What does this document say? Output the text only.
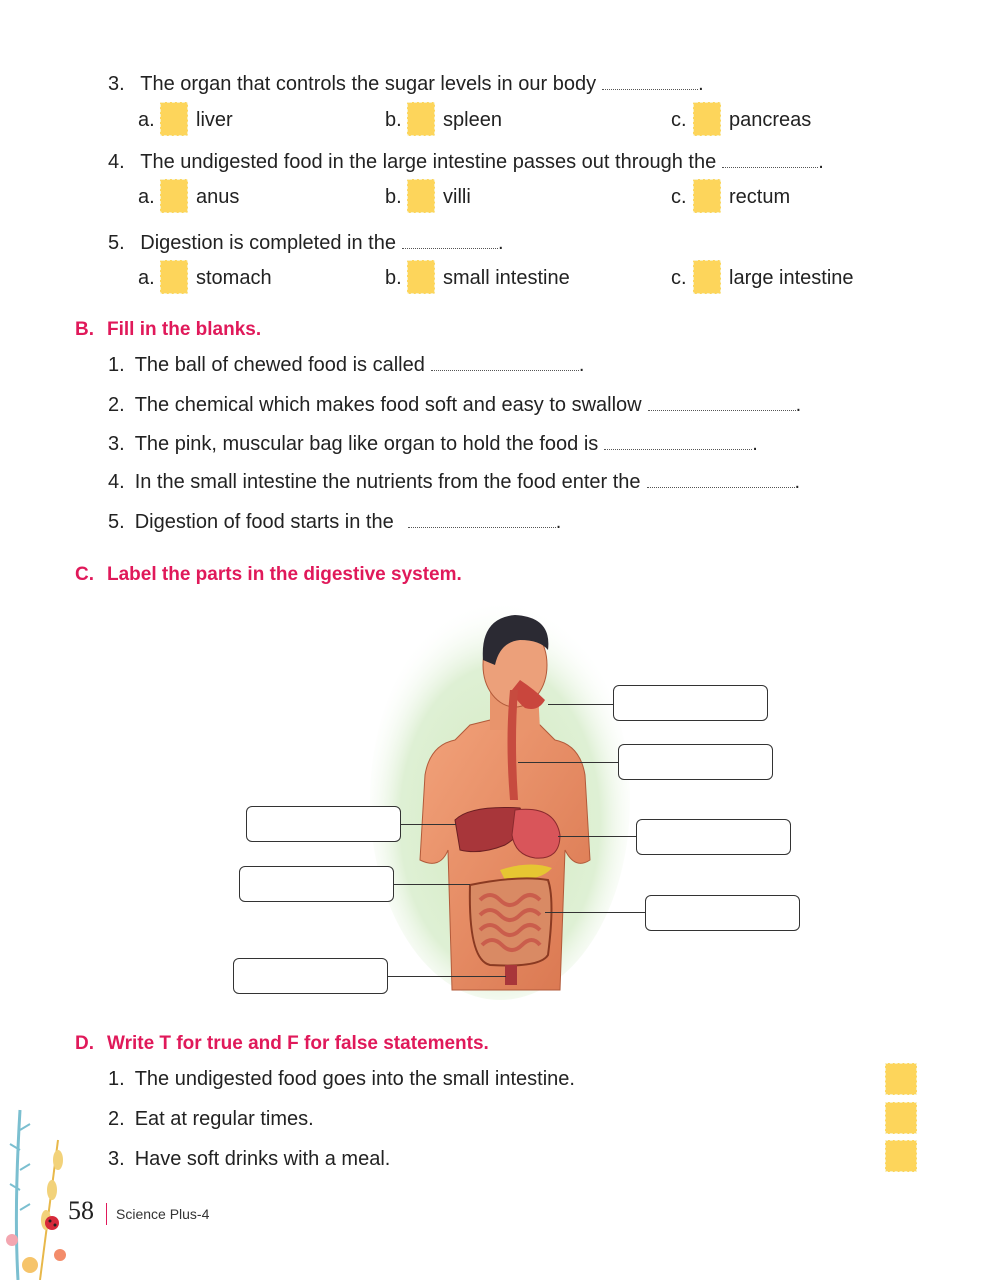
3. The organ that controls the sugar levels in our body	.
a. liver	b. spleen	c. pancreas
4. The undigested food in the large intestine passes out through the	.
a. anus	b. villi	c. rectum
5. Digestion is completed in the	.
a. stomach	b. small intestine	c. large intestine
B. Fill in the blanks.
1. The ball of chewed food is called	.
2. The chemical which makes food soft and easy to swallow	.
3. The pink, muscular bag like organ to hold the food is	.
4. In the small intestine the nutrients from the food enter the	.
5. Digestion of food starts in the	.
C. Label the parts in the digestive system.
D. Write T for true and F for false statements.
1. The undigested food goes into the small intestine.
2. Eat at regular times.
3. Have soft drinks with a meal.
58 Science Plus-4
